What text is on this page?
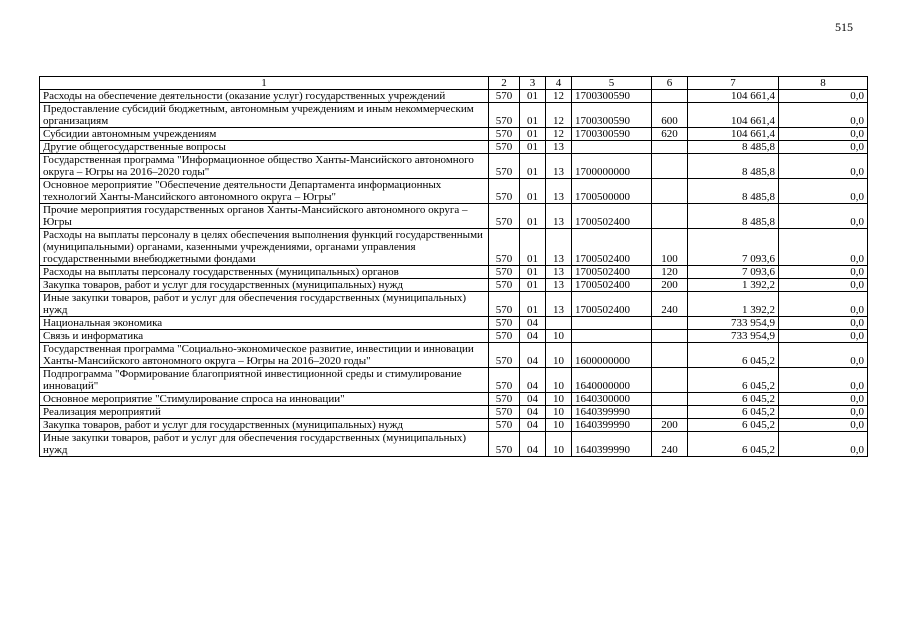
515
1	2	3	4	5	6	7	8
Расходы на обеспечение деятельности (оказание услуг) государственных учреждений	570	01	12	1700300590		104 661,4	0,0
Предоставление субсидий бюджетным, автономным учреждениям и иным некоммерческим организациям	570	01	12	1700300590	600	104 661,4	0,0
Субсидии автономным учреждениям	570	01	12	1700300590	620	104 661,4	0,0
Другие общегосударственные вопросы	570	01	13			8 485,8	0,0
Государственная программа "Информационное общество Ханты-Мансийского автономного округа – Югры на 2016–2020 годы"	570	01	13	1700000000		8 485,8	0,0
Основное мероприятие "Обеспечение деятельности Департамента информационных технологий Ханты-Мансийского автономного округа – Югры"	570	01	13	1700500000		8 485,8	0,0
Прочие мероприятия государственных органов Ханты-Мансийского автономного округа – Югры	570	01	13	1700502400		8 485,8	0,0
Расходы на выплаты персоналу в целях обеспечения выполнения функций государственными (муниципальными) органами, казенными учреждениями, органами управления государственными внебюджетными фондами	570	01	13	1700502400	100	7 093,6	0,0
Расходы на выплаты персоналу государственных (муниципальных) органов	570	01	13	1700502400	120	7 093,6	0,0
Закупка товаров, работ и услуг для государственных (муниципальных) нужд	570	01	13	1700502400	200	1 392,2	0,0
Иные закупки товаров, работ и услуг для обеспечения государственных (муниципальных) нужд	570	01	13	1700502400	240	1 392,2	0,0
Национальная экономика	570	04				733 954,9	0,0
Связь и информатика	570	04	10			733 954,9	0,0
Государственная программа "Социально-экономическое развитие, инвестиции и инновации Ханты-Мансийского автономного округа – Югры на 2016–2020 годы"	570	04	10	1600000000		6 045,2	0,0
Подпрограмма "Формирование благоприятной инвестиционной среды и стимулирование инноваций"	570	04	10	1640000000		6 045,2	0,0
Основное мероприятие "Стимулирование спроса на инновации"	570	04	10	1640300000		6 045,2	0,0
Реализация мероприятий	570	04	10	1640399990		6 045,2	0,0
Закупка товаров, работ и услуг для государственных (муниципальных) нужд	570	04	10	1640399990	200	6 045,2	0,0
Иные закупки товаров, работ и услуг для обеспечения государственных (муниципальных) нужд	570	04	10	1640399990	240	6 045,2	0,0
